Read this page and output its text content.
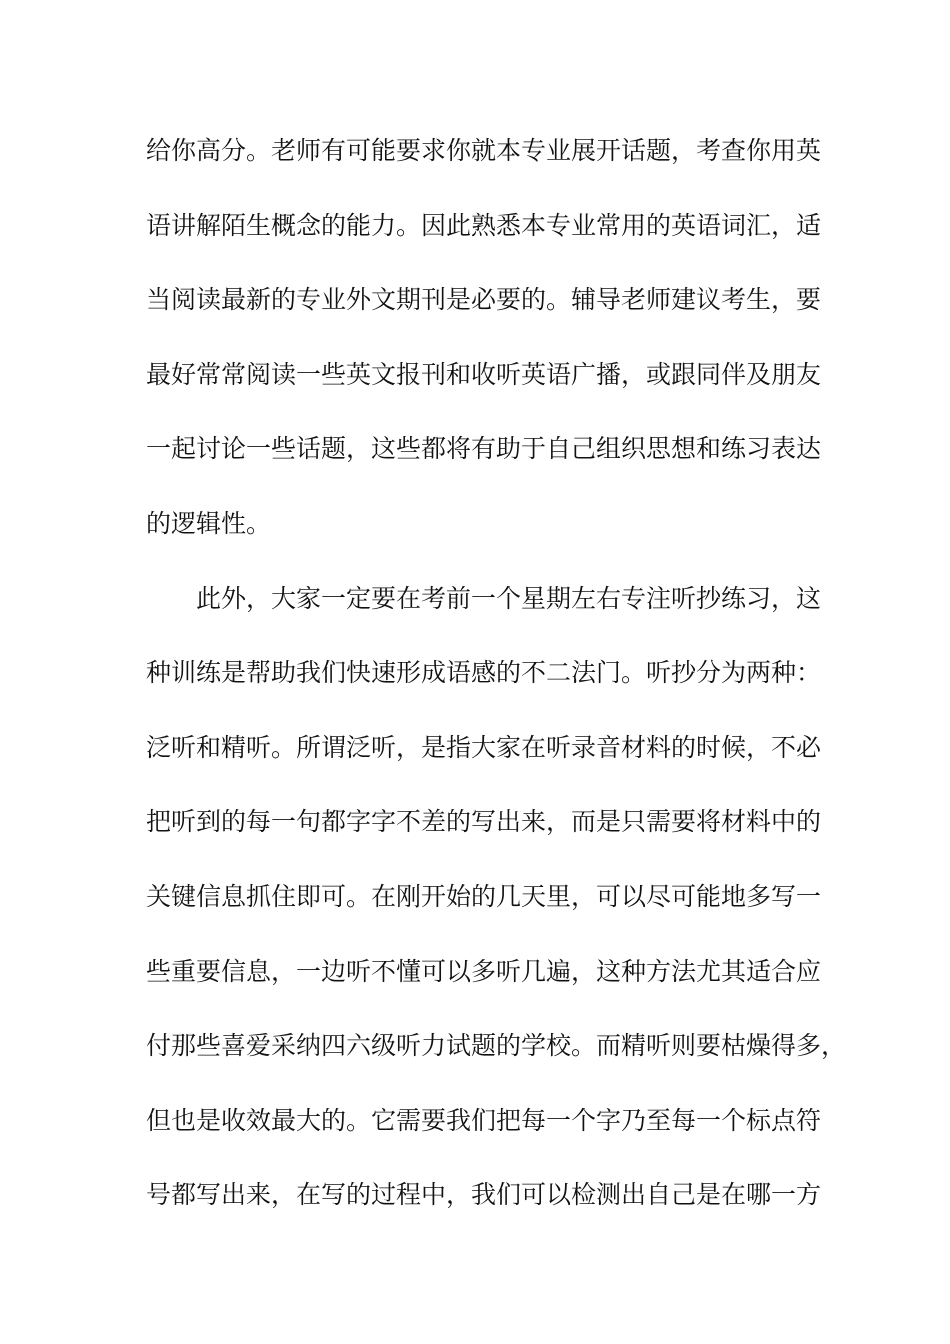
给你高分。老师有可能要求你就本专业展开话题，考查你用英
语讲解陌生概念的能力。因此熟悉本专业常用的英语词汇，适
当阅读最新的专业外文期刊是必要的。辅导老师建议考生，要
最好常常阅读一些英文报刊和收听英语广播，或跟同伴及朋友
一起讨论一些话题，这些都将有助于自己组织思想和练习表达
的逻辑性。
此外，大家一定要在考前一个星期左右专注听抄练习，这
种训练是帮助我们快速形成语感的不二法门。听抄分为两种：
泛听和精听。所谓泛听，是指大家在听录音材料的时候，不必
把听到的每一句都字字不差的写出来，而是只需要将材料中的
关键信息抓住即可。在刚开始的几天里，可以尽可能地多写一
些重要信息，一边听不懂可以多听几遍，这种方法尤其适合应
付那些喜爱采纳四六级听力试题的学校。而精听则要枯燥得多，
但也是收效最大的。它需要我们把每一个字乃至每一个标点符
号都写出来，在写的过程中，我们可以检测出自己是在哪一方
